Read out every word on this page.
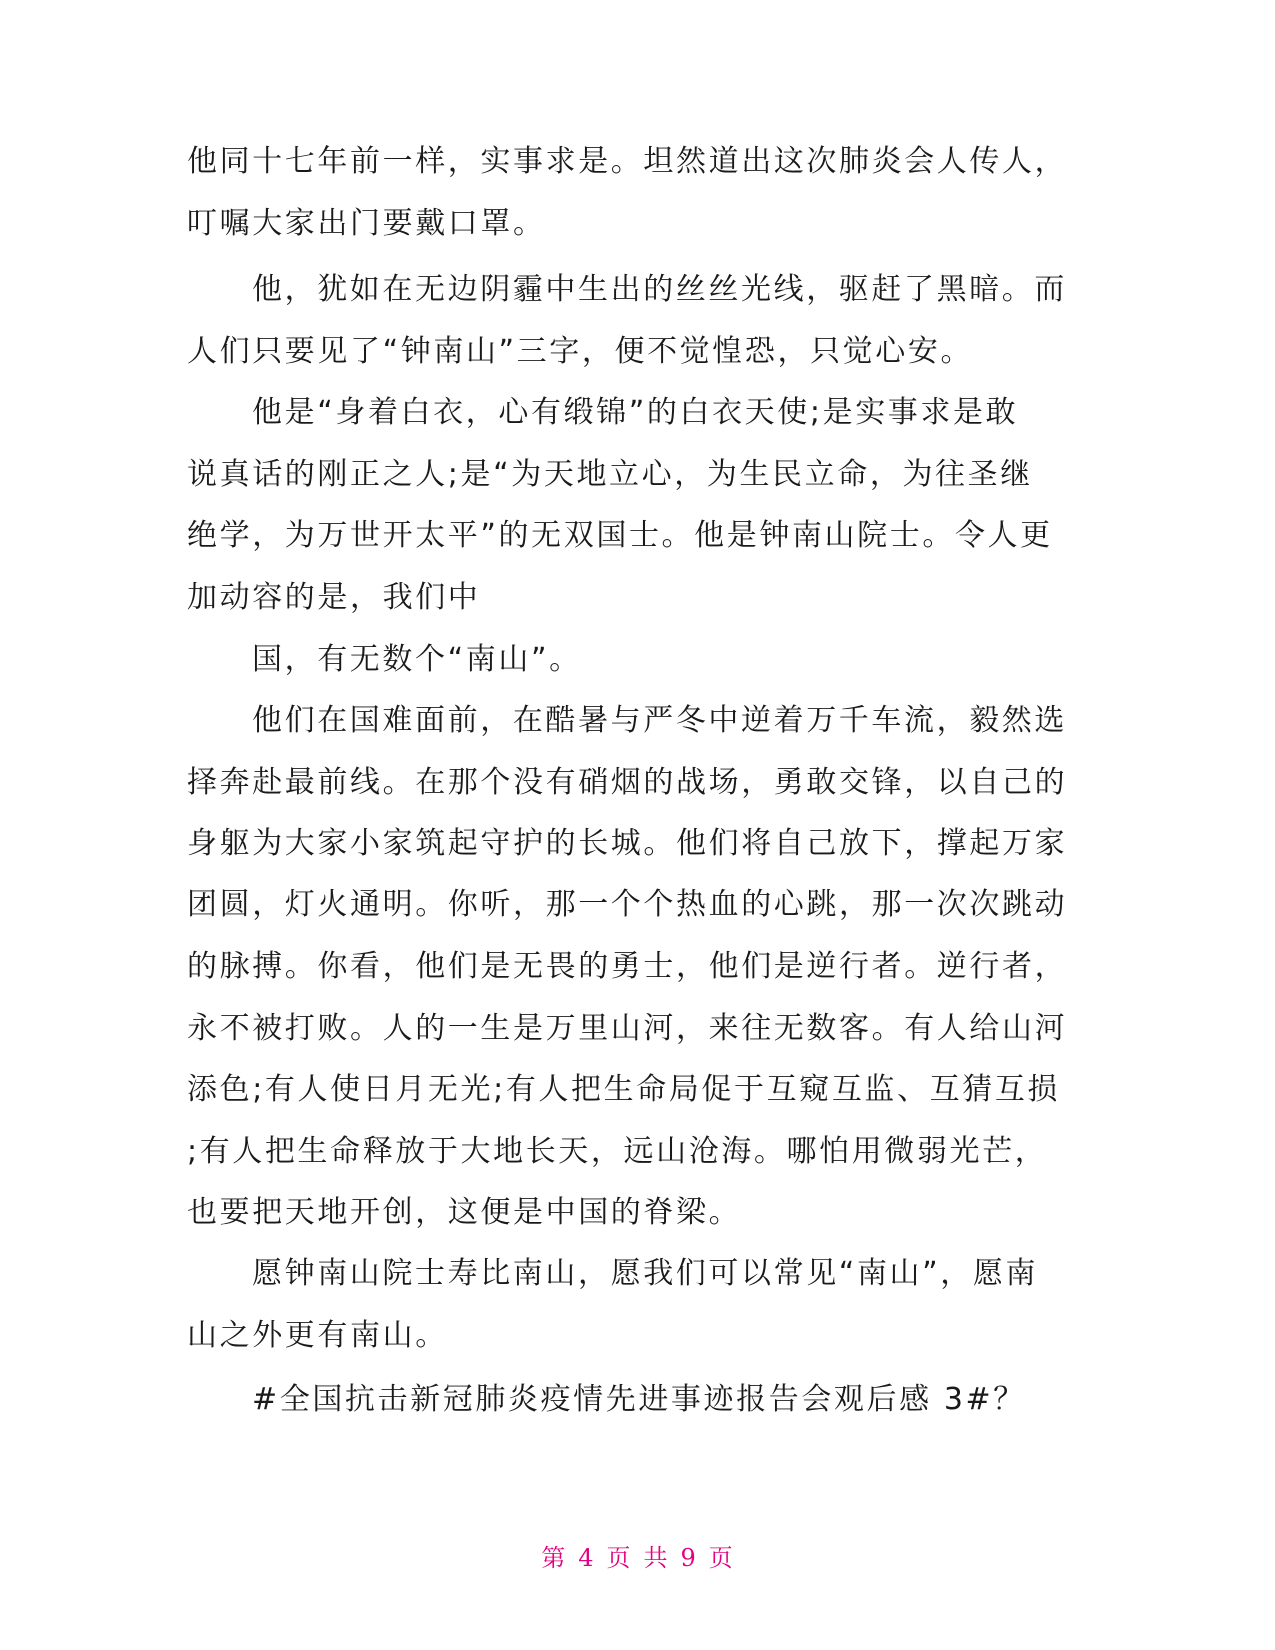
他同十七年前一样，实事求是。坦然道出这次肺炎会人传人，
叮嘱大家出门要戴口罩。
他，犹如在无边阴霾中生出的丝丝光线，驱赶了黑暗。而
人们只要见了“钟南山”三字，便不觉惶恐，只觉心安。
他是“身着白衣，心有缎锦”的白衣天使;是实事求是敢
说真话的刚正之人;是“为天地立心，为生民立命，为往圣继
绝学，为万世开太平”的无双国士。他是钟南山院士。令人更
加动容的是，我们中
国，有无数个“南山”。
他们在国难面前，在酷暑与严冬中逆着万千车流，毅然选
择奔赴最前线。在那个没有硝烟的战场，勇敢交锋，以自己的
身躯为大家小家筑起守护的长城。他们将自己放下，撑起万家
团圆，灯火通明。你听，那一个个热血的心跳，那一次次跳动
的脉搏。你看，他们是无畏的勇士，他们是逆行者。逆行者，
永不被打败。人的一生是万里山河，来往无数客。有人给山河
添色;有人使日月无光;有人把生命局促于互窥互监、互猜互损
;有人把生命释放于大地长天，远山沧海。哪怕用微弱光芒，
也要把天地开创，这便是中国的脊梁。
愿钟南山院士寿比南山，愿我们可以常见“南山”，愿南
山之外更有南山。
#全国抗击新冠肺炎疫情先进事迹报告会观后感 3#？
第 4 页 共 9 页
